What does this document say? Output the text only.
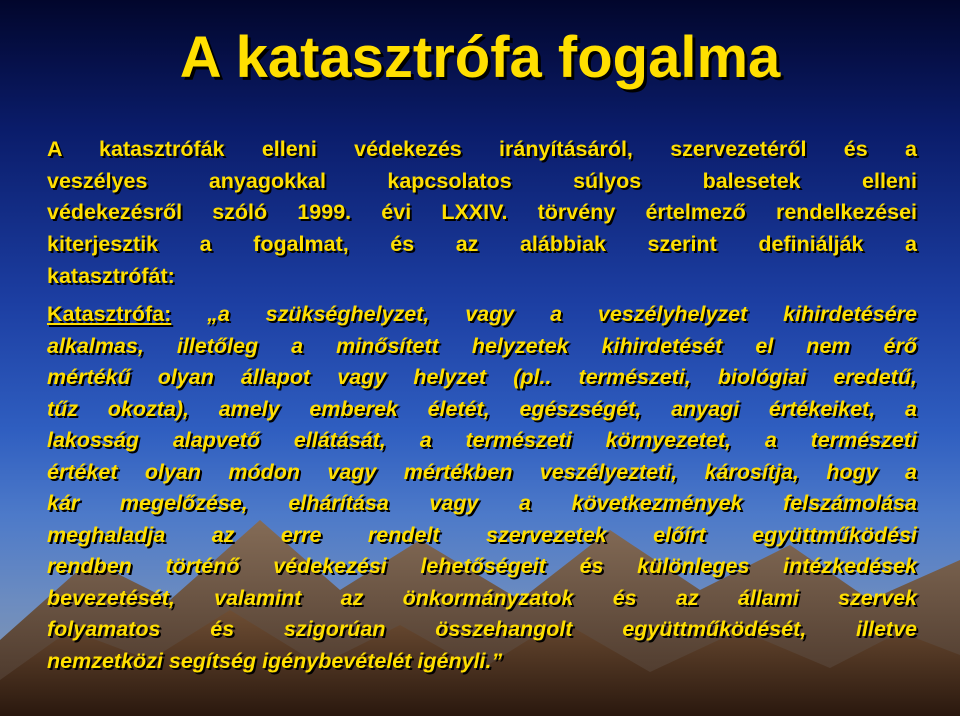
A katasztrófa fogalma
A katasztrófák elleni védekezés irányításáról, szervezetéről és a
veszélyes anyagokkal kapcsolatos súlyos balesetek elleni
védekezésről szóló 1999. évi LXXIV. törvény értelmező rendelkezései
kiterjesztik a fogalmat, és az alábbiak szerint definiálják a
katasztrófát:
Katasztrófa: „a szükséghelyzet, vagy a veszélyhelyzet kihirdetésére
alkalmas, illetőleg a minősített helyzetek kihirdetését el nem érő
mértékű olyan állapot vagy helyzet (pl.. természeti, biológiai eredetű,
tűz okozta), amely emberek életét, egészségét, anyagi értékeiket, a
lakosság alapvető ellátását, a természeti környezetet, a természeti
értéket olyan módon vagy mértékben veszélyezteti, károsítja, hogy a
kár megelőzése, elhárítása vagy a következmények felszámolása
meghaladja az erre rendelt szervezetek előírt együttműködési
rendben történő védekezési lehetőségeit és különleges intézkedések
bevezetését, valamint az önkormányzatok és az állami szervek
folyamatos és szigorúan összehangolt együttműködését, illetve
nemzetközi segítség igénybevételét igényli.”
